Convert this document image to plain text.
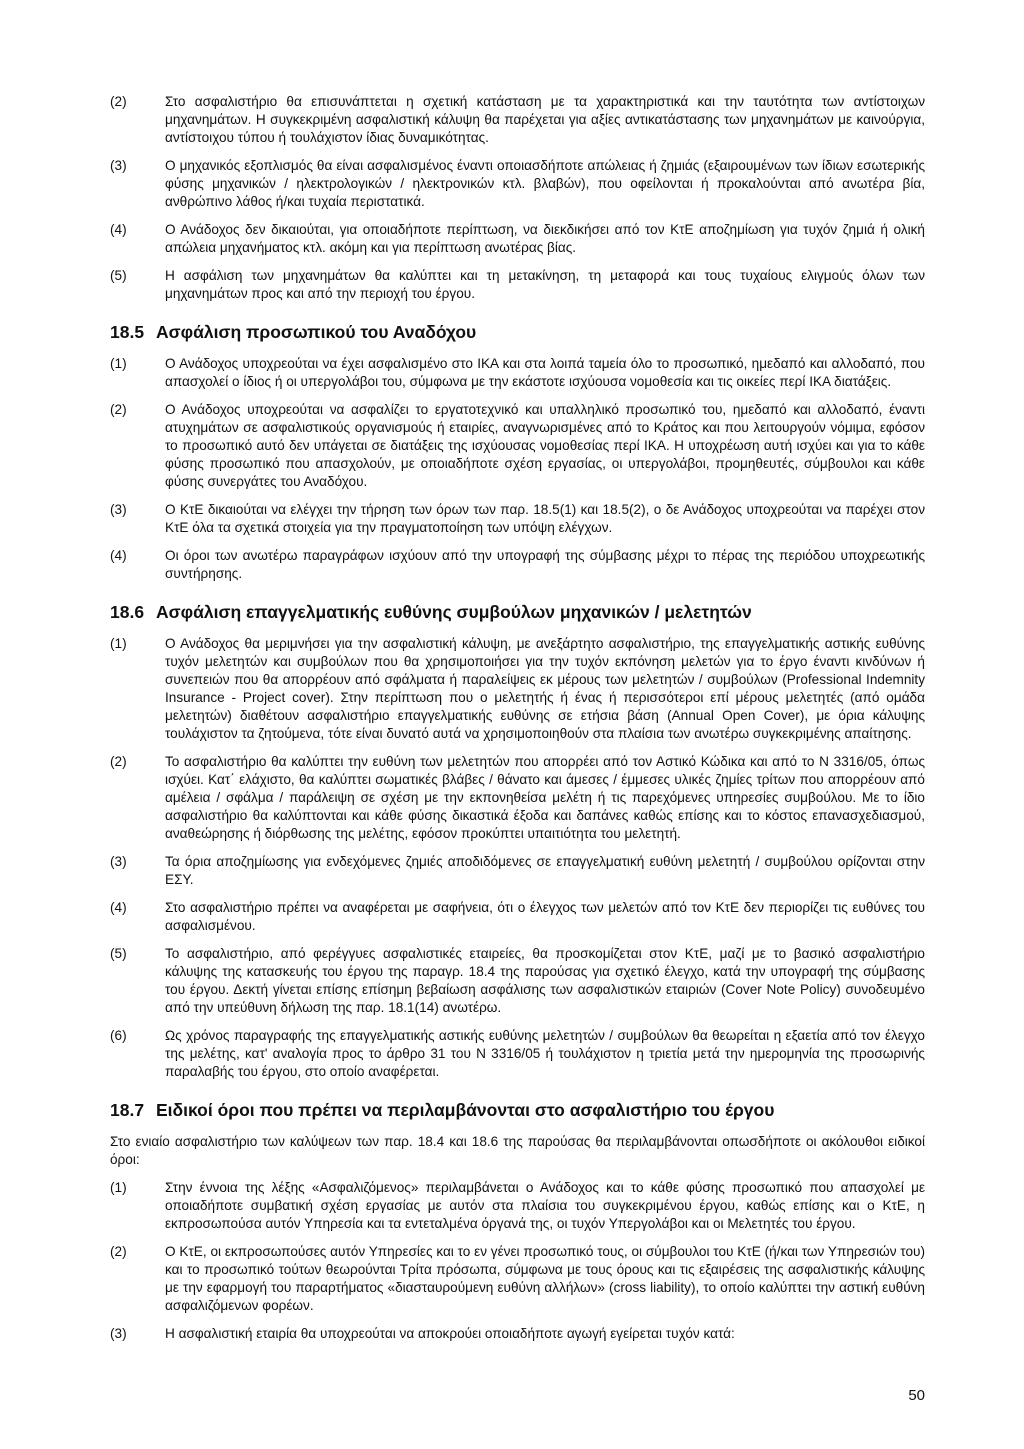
(2)	Στο ασφαλιστήριο θα επισυνάπτεται η σχετική κατάσταση με τα χαρακτηριστικά και την ταυτότητα των αντίστοιχων μηχανημάτων. Η συγκεκριμένη ασφαλιστική κάλυψη θα παρέχεται για αξίες αντικατάστασης των μηχανημάτων με καινούργια, αντίστοιχου τύπου ή τουλάχιστον ίδιας δυναμικότητας.
(3)	Ο μηχανικός εξοπλισμός θα είναι ασφαλισμένος έναντι οποιασδήποτε απώλειας ή ζημιάς (εξαιρουμένων των ίδιων εσωτερικής φύσης μηχανικών / ηλεκτρολογικών / ηλεκτρονικών κτλ. βλαβών), που οφείλονται ή προκαλούνται από ανωτέρα βία, ανθρώπινο λάθος ή/και τυχαία περιστατικά.
(4)	Ο Ανάδοχος δεν δικαιούται, για οποιαδήποτε περίπτωση, να διεκδικήσει από τον ΚτΕ αποζημίωση για τυχόν ζημιά ή ολική απώλεια μηχανήματος κτλ. ακόμη και για περίπτωση ανωτέρας βίας.
(5)	Η ασφάλιση των μηχανημάτων θα καλύπτει και τη μετακίνηση, τη μεταφορά και τους τυχαίους ελιγμούς όλων των μηχανημάτων προς και από την περιοχή του έργου.
18.5 Ασφάλιση προσωπικού του Αναδόχου
(1)	Ο Ανάδοχος υποχρεούται να έχει ασφαλισμένο στο ΙΚΑ και στα λοιπά ταμεία όλο το προσωπικό, ημεδαπό και αλλοδαπό, που απασχολεί ο ίδιος ή οι υπεργολάβοι του, σύμφωνα με την εκάστοτε ισχύουσα νομοθεσία και τις οικείες περί ΙΚΑ διατάξεις.
(2)	Ο Ανάδοχος υποχρεούται να ασφαλίζει το εργατοτεχνικό και υπαλληλικό προσωπικό του, ημεδαπό και αλλοδαπό, έναντι ατυχημάτων σε ασφαλιστικούς οργανισμούς ή εταιρίες, αναγνωρισμένες από το Κράτος και που λειτουργούν νόμιμα, εφόσον το προσωπικό αυτό δεν υπάγεται σε διατάξεις της ισχύουσας νομοθεσίας περί ΙΚΑ. Η υποχρέωση αυτή ισχύει και για το κάθε φύσης προσωπικό που απασχολούν, με οποιαδήποτε σχέση εργασίας, οι υπεργολάβοι, προμηθευτές, σύμβουλοι και κάθε φύσης συνεργάτες του Αναδόχου.
(3)	Ο ΚτΕ δικαιούται να ελέγχει την τήρηση των όρων των παρ. 18.5(1) και 18.5(2), ο δε Ανάδοχος υποχρεούται να παρέχει στον ΚτΕ όλα τα σχετικά στοιχεία για την πραγματοποίηση των υπόψη ελέγχων.
(4)	Οι όροι των ανωτέρω παραγράφων ισχύουν από την υπογραφή της σύμβασης μέχρι το πέρας της περιόδου υποχρεωτικής συντήρησης.
18.6 Ασφάλιση επαγγελματικής ευθύνης συμβούλων μηχανικών / μελετητών
(1)	Ο Ανάδοχος θα μεριμνήσει για την ασφαλιστική κάλυψη, με ανεξάρτητο ασφαλιστήριο, της επαγγελματικής αστικής ευθύνης τυχόν μελετητών και συμβούλων που θα χρησιμοποιήσει για την τυχόν εκπόνηση μελετών για το έργο έναντι κινδύνων ή συνεπειών που θα απορρέουν από σφάλματα ή παραλείψεις εκ μέρους των μελετητών / συμβούλων (Professional Indemnity Insurance - Project cover). Στην περίπτωση που ο μελετητής ή ένας ή περισσότεροι επί μέρους μελετητές (από ομάδα μελετητών) διαθέτουν ασφαλιστήριο επαγγελματικής ευθύνης σε ετήσια βάση (Annual Open Cover), με όρια κάλυψης τουλάχιστον τα ζητούμενα, τότε είναι δυνατό αυτά να χρησιμοποιηθούν στα πλαίσια των ανωτέρω συγκεκριμένης απαίτησης.
(2)	Το ασφαλιστήριο θα καλύπτει την ευθύνη των μελετητών που απορρέει από τον Αστικό Κώδικα και από το Ν 3316/05, όπως ισχύει. Κατ΄ ελάχιστο, θα καλύπτει σωματικές βλάβες / θάνατο και άμεσες / έμμεσες υλικές ζημίες τρίτων που απορρέουν από αμέλεια / σφάλμα / παράλειψη σε σχέση με την εκπονηθείσα μελέτη ή τις παρεχόμενες υπηρεσίες συμβούλου. Με το ίδιο ασφαλιστήριο θα καλύπτονται και κάθε φύσης δικαστικά έξοδα και δαπάνες καθώς επίσης και το κόστος επανασχεδιασμού, αναθεώρησης ή διόρθωσης της μελέτης, εφόσον προκύπτει υπαιτιότητα του μελετητή.
(3)	Τα όρια αποζημίωσης για ενδεχόμενες ζημιές αποδιδόμενες σε επαγγελματική ευθύνη μελετητή / συμβούλου ορίζονται στην ΕΣΥ.
(4)	Στο ασφαλιστήριο πρέπει να αναφέρεται με σαφήνεια, ότι ο έλεγχος των μελετών από τον ΚτΕ δεν περιορίζει τις ευθύνες του ασφαλισμένου.
(5)	Το ασφαλιστήριο, από φερέγγυες ασφαλιστικές εταιρείες, θα προσκομίζεται στον ΚτΕ, μαζί με το βασικό ασφαλιστήριο κάλυψης της κατασκευής του έργου της παραγρ. 18.4 της παρούσας για σχετικό έλεγχο, κατά την υπογραφή της σύμβασης του έργου. Δεκτή γίνεται επίσης επίσημη βεβαίωση ασφάλισης των ασφαλιστικών εταιριών (Cover Note Policy) συνοδευμένο από την υπεύθυνη δήλωση της παρ. 18.1(14) ανωτέρω.
(6)	Ως χρόνος παραγραφής της επαγγελματικής αστικής ευθύνης μελετητών / συμβούλων θα θεωρείται η εξαετία από τον έλεγχο της μελέτης, κατ' αναλογία προς το άρθρο 31 του Ν 3316/05 ή τουλάχιστον η τριετία μετά την ημερομηνία της προσωρινής παραλαβής του έργου, στο οποίο αναφέρεται.
18.7 Ειδικοί όροι που πρέπει να περιλαμβάνονται στο ασφαλιστήριο του έργου
Στο ενιαίο ασφαλιστήριο των καλύψεων των παρ. 18.4 και 18.6 της παρούσας θα περιλαμβάνονται οπωσδήποτε οι ακόλουθοι ειδικοί όροι:
(1)	Στην έννοια της λέξης «Ασφαλιζόμενος» περιλαμβάνεται ο Ανάδοχος και το κάθε φύσης προσωπικό που απασχολεί με οποιαδήποτε συμβατική σχέση εργασίας με αυτόν στα πλαίσια του συγκεκριμένου έργου, καθώς επίσης και ο ΚτΕ, η εκπροσωπούσα αυτόν Υπηρεσία και τα εντεταλμένα όργανά της, οι τυχόν Υπεργολάβοι και οι Μελετητές του έργου.
(2)	Ο ΚτΕ, οι εκπροσωπούσες αυτόν Υπηρεσίες και το εν γένει προσωπικό τους, οι σύμβουλοι του ΚτΕ (ή/και των Υπηρεσιών του) και το προσωπικό τούτων θεωρούνται Τρίτα πρόσωπα, σύμφωνα με τους όρους και τις εξαιρέσεις της ασφαλιστικής κάλυψης με την εφαρμογή του παραρτήματος «διασταυρούμενη ευθύνη αλλήλων» (cross liability), το οποίο καλύπτει την αστική ευθύνη ασφαλιζόμενων φορέων.
(3)	Η ασφαλιστική εταιρία θα υποχρεούται να αποκρούει οποιαδήποτε αγωγή εγείρεται τυχόν κατά:
50
